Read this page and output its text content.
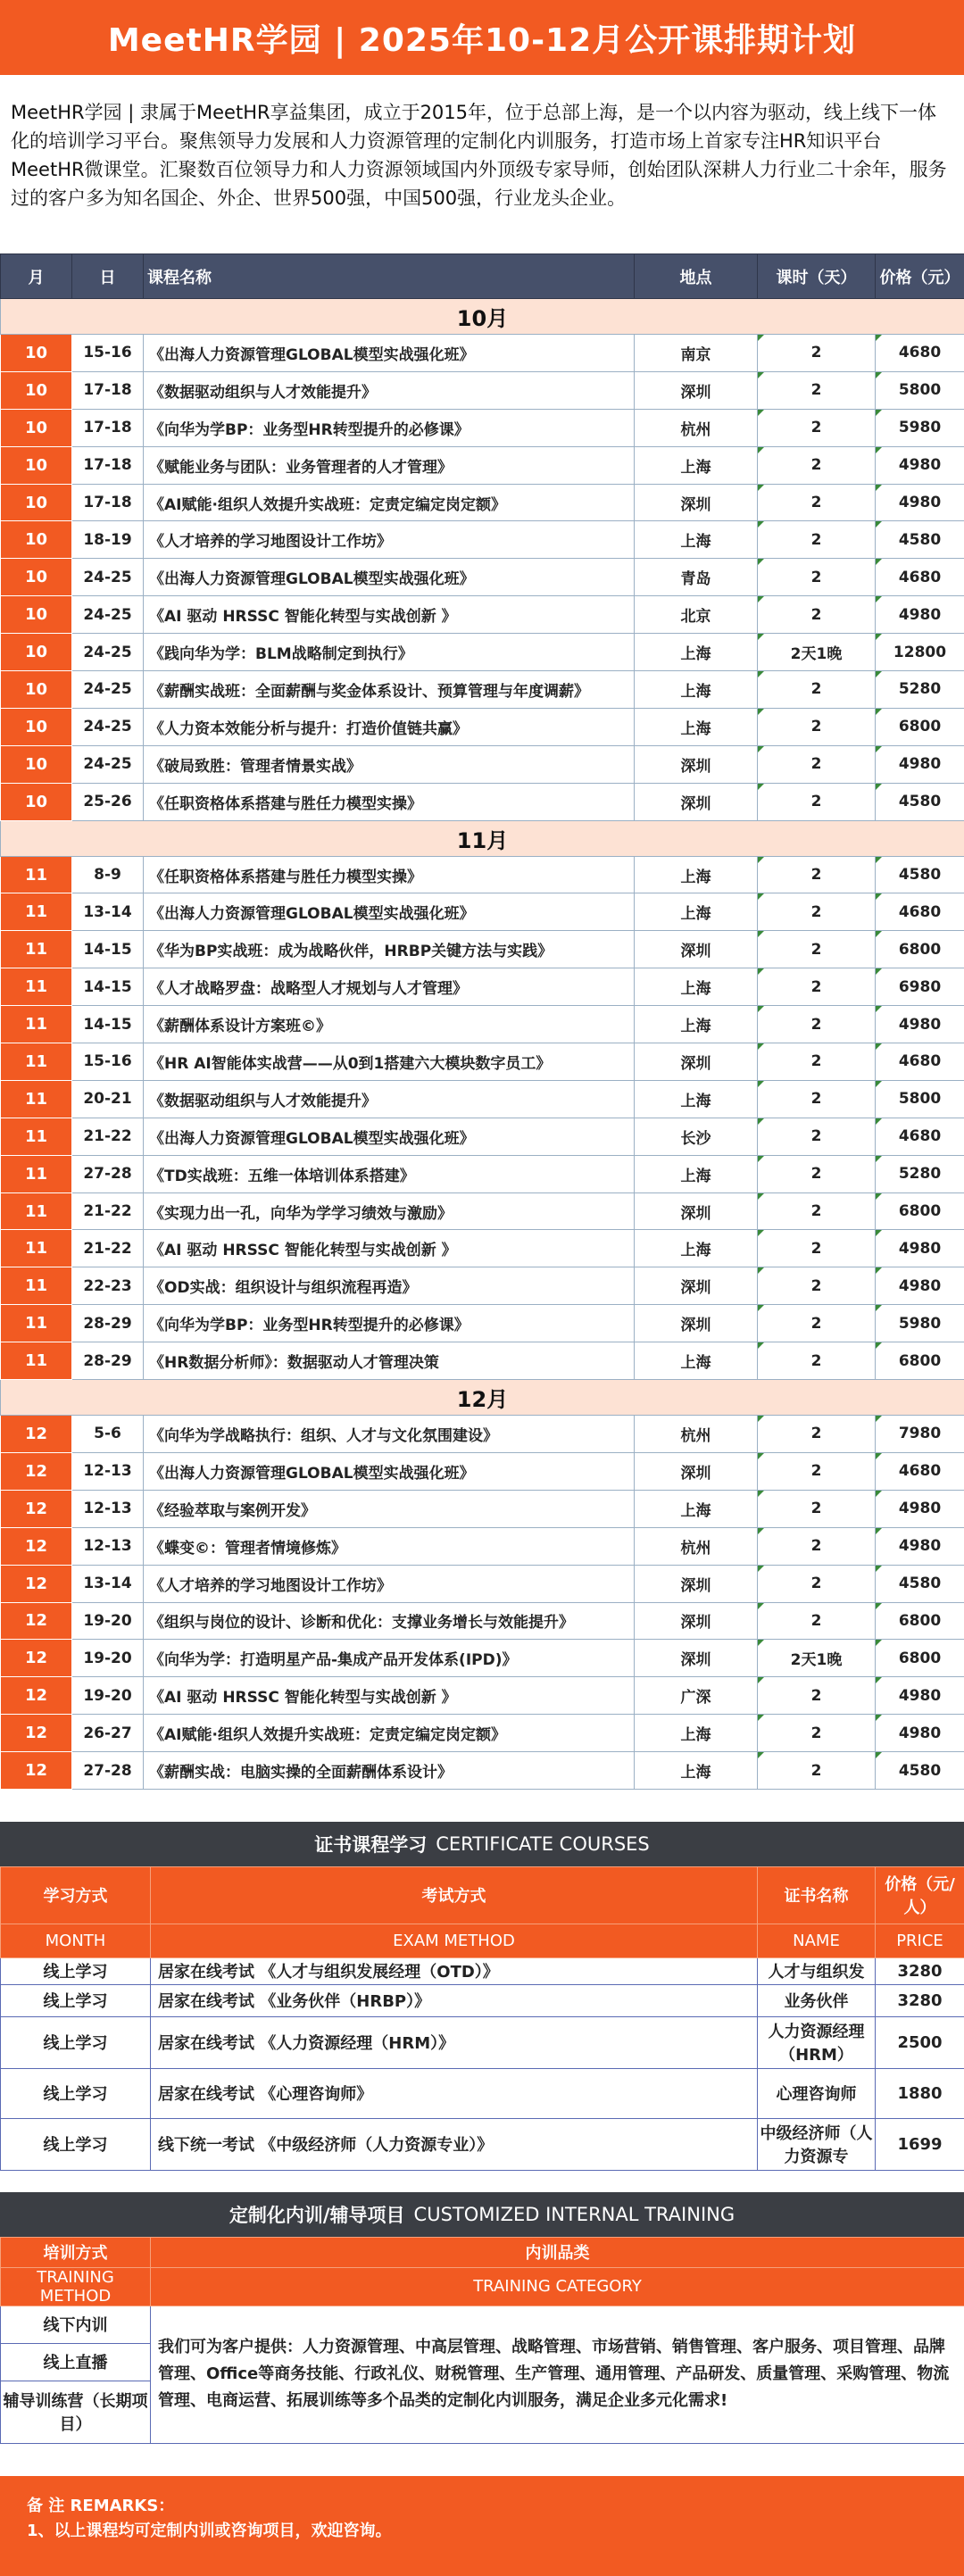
MeetHR学园 | 2025年10-12月公开课排期计划
MeetHR学园 | 隶属于MeetHR享益集团，成立于2015年，位于总部上海，是一个以内容为驱动，线上线下一体化的培训学习平台。聚焦领导力发展和人力资源管理的定制化内训服务，打造市场上首家专注HR知识平台MeetHR微课堂。汇聚数百位领导力和人力资源领域国内外顶级专家导师，创始团队深耕人力行业二十余年，服务过的客户多为知名国企、外企、世界500强，中国500强，行业龙头企业。
月	日	课程名称	地点	课时（天）	价格（元）
10月					
10	15-16	《出海人力资源管理GLOBAL模型实战强化班》	南京	2	4680
10	17-18	《数据驱动组织与人才效能提升》	深圳	2	5800
10	17-18	《向华为学BP：业务型HR转型提升的必修课》	杭州	2	5980
10	17-18	《赋能业务与团队：业务管理者的人才管理》	上海	2	4980
10	17-18	《AI赋能·组织人效提升实战班：定责定编定岗定额》	深圳	2	4980
10	18-19	《人才培养的学习地图设计工作坊》	上海	2	4580
10	24-25	《出海人力资源管理GLOBAL模型实战强化班》	青岛	2	4680
10	24-25	《AI 驱动 HRSSC 智能化转型与实战创新 》	北京	2	4980
10	24-25	《践向华为学：BLM战略制定到执行》	上海	2天1晚	12800
10	24-25	《薪酬实战班：全面薪酬与奖金体系设计、预算管理与年度调薪》	上海	2	5280
10	24-25	《人力资本效能分析与提升：打造价值链共赢》	上海	2	6800
10	24-25	《破局致胜：管理者情景实战》	深圳	2	4980
10	25-26	《任职资格体系搭建与胜任力模型实操》	深圳	2	4580
11月					
11	8-9	《任职资格体系搭建与胜任力模型实操》	上海	2	4580
11	13-14	《出海人力资源管理GLOBAL模型实战强化班》	上海	2	4680
11	14-15	《华为BP实战班：成为战略伙伴，HRBP关键方法与实践》	深圳	2	6800
11	14-15	《人才战略罗盘：战略型人才规划与人才管理》	上海	2	6980
11	14-15	《薪酬体系设计方案班©》	上海	2	4980
11	15-16	《HR AI智能体实战营——从0到1搭建六大模块数字员工》	深圳	2	4680
11	20-21	《数据驱动组织与人才效能提升》	上海	2	5800
11	21-22	《出海人力资源管理GLOBAL模型实战强化班》	长沙	2	4680
11	27-28	《TD实战班：五维一体培训体系搭建》	上海	2	5280
11	21-22	《实现力出一孔，向华为学学习绩效与激励》	深圳	2	6800
11	21-22	《AI 驱动 HRSSC 智能化转型与实战创新 》	上海	2	4980
11	22-23	《OD实战：组织设计与组织流程再造》	深圳	2	4980
11	28-29	《向华为学BP：业务型HR转型提升的必修课》	深圳	2	5980
11	28-29	《HR数据分析师》：数据驱动人才管理决策	上海	2	6800
12月					
12	5-6	《向华为学战略执行：组织、人才与文化氛围建设》	杭州	2	7980
12	12-13	《出海人力资源管理GLOBAL模型实战强化班》	深圳	2	4680
12	12-13	《经验萃取与案例开发》	上海	2	4980
12	12-13	《蝶变©：管理者情境修炼》	杭州	2	4980
12	13-14	《人才培养的学习地图设计工作坊》	深圳	2	4580
12	19-20	《组织与岗位的设计、诊断和优化：支撑业务增长与效能提升》	深圳	2	6800
12	19-20	《向华为学：打造明星产品-集成产品开发体系(IPD)》	深圳	2天1晚	6800
12	19-20	《AI 驱动 HRSSC 智能化转型与实战创新 》	广深	2	4980
12	26-27	《AI赋能·组织人效提升实战班：定责定编定岗定额》	上海	2	4980
12	27-28	《薪酬实战：电脑实操的全面薪酬体系设计》	上海	2	4580
证书课程学习 CERTIFICATE COURSES
学习方式	考试方式	证书名称	价格（元/人）
MONTH	EXAM METHOD	NAME	PRICE
线上学习	居家在线考试 《人才与组织发展经理（OTD）》	人才与组织发	3280
线上学习	居家在线考试 《业务伙伴（HRBP）》	业务伙伴	3280
线上学习	居家在线考试 《人力资源经理（HRM）》	人力资源经理（HRM）	2500
线上学习	居家在线考试 《心理咨询师》	心理咨询师	1880
线上学习	线下统一考试 《中级经济师（人力资源专业）》	中级经济师（人力资源专	1699
定制化内训/辅导项目 CUSTOMIZED INTERNAL TRAINING
培训方式	内训品类
TRAINING METHOD	TRAINING CATEGORY
线下内训	我们可为客户提供：人力资源管理、中高层管理、战略管理、市场营销、销售管理、客户服务、项目管理、品牌管理、Office等商务技能、行政礼仪、财税管理、生产管理、通用管理、产品研发、质量管理、采购管理、物流管理、电商运营、拓展训练等多个品类的定制化内训服务，满足企业多元化需求!
线上直播	
辅导训练营（长期项目）	
备 注 REMARKS：
1、以上课程均可定制内训或咨询项目，欢迎咨询。
